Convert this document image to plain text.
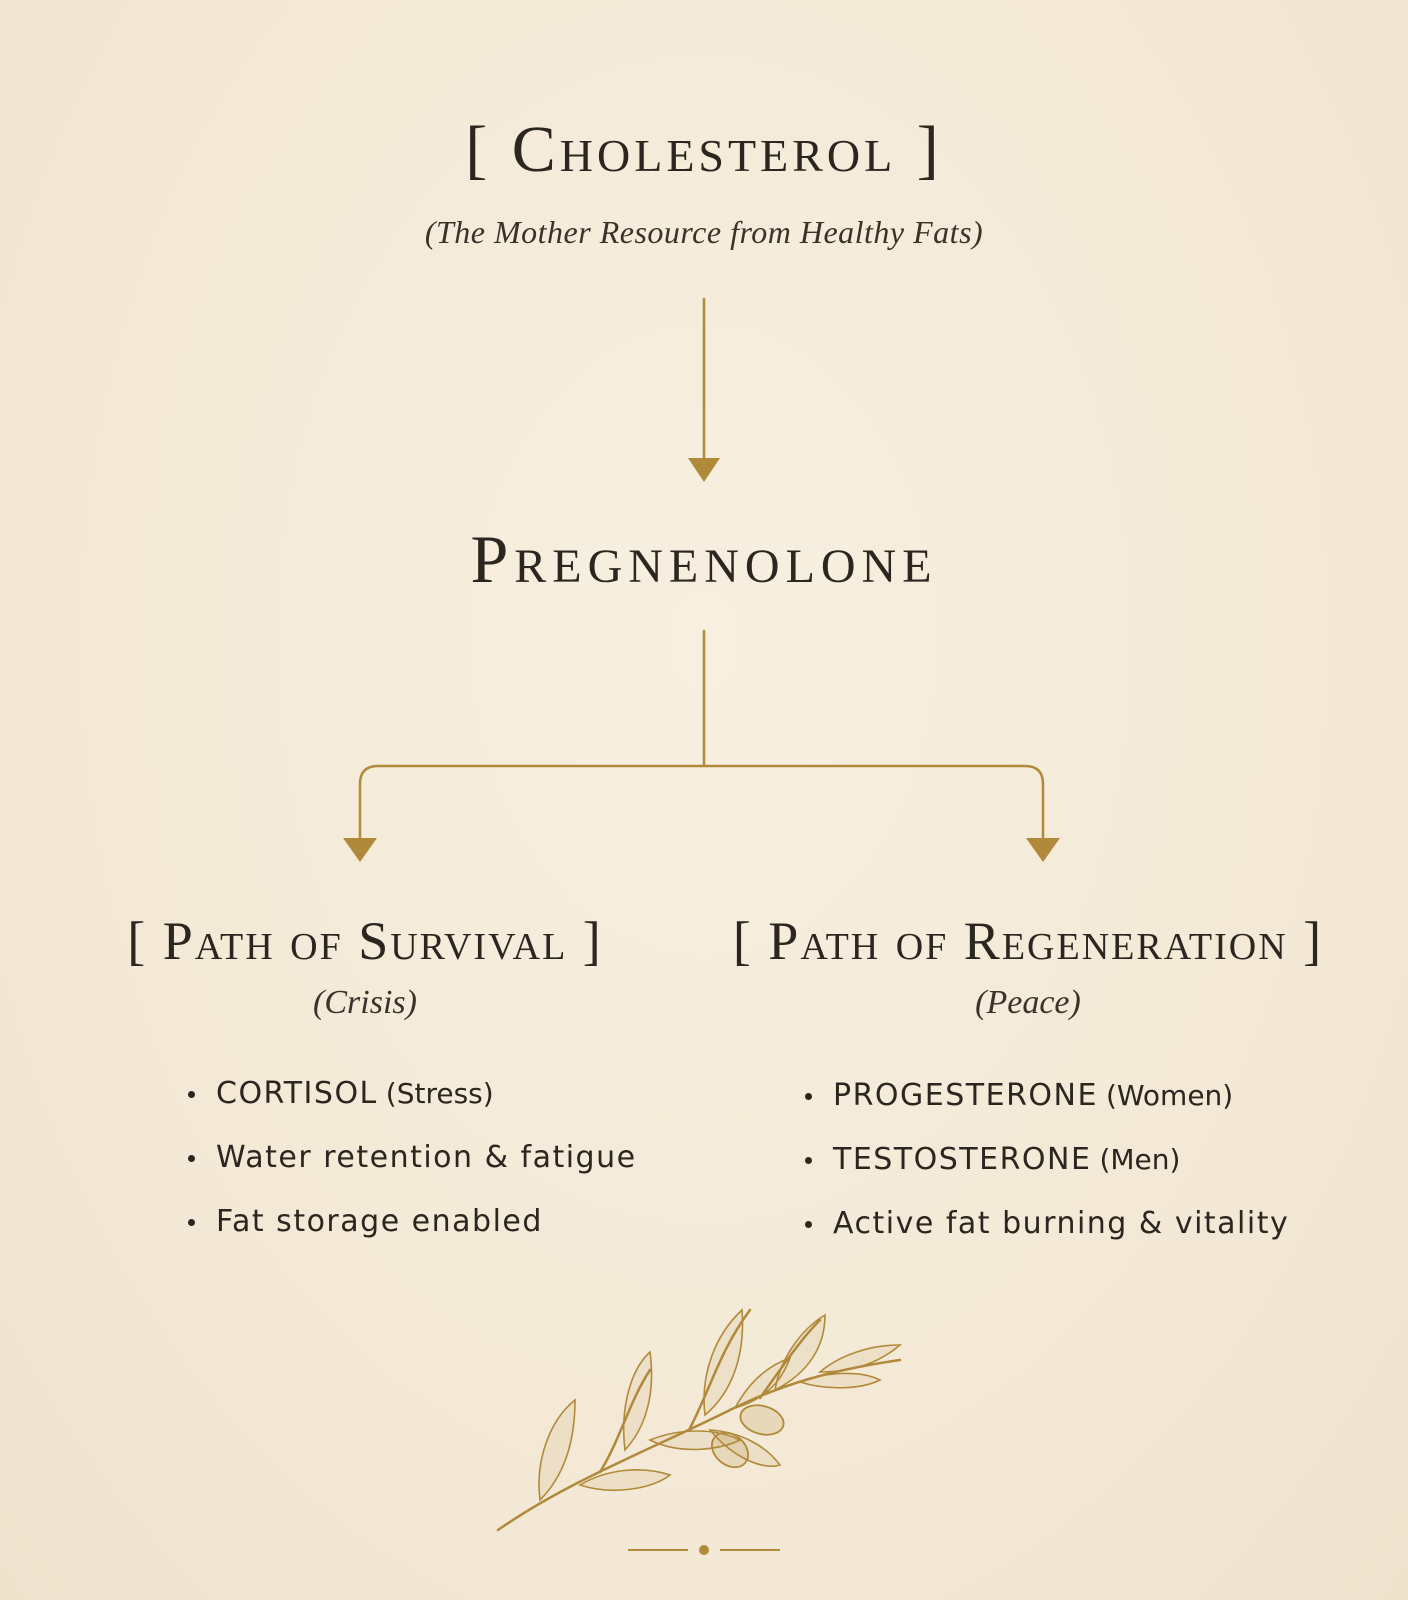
[ Cholesterol ]
(The Mother Resource from Healthy Fats)
Pregnenolone
[ Path of Survival ]
(Crisis)
CORTISOL (Stress)
Water retention & fatigue
Fat storage enabled
[ Path of Regeneration ]
(Peace)
PROGESTERONE (Women)
TESTOSTERONE (Men)
Active fat burning & vitality
